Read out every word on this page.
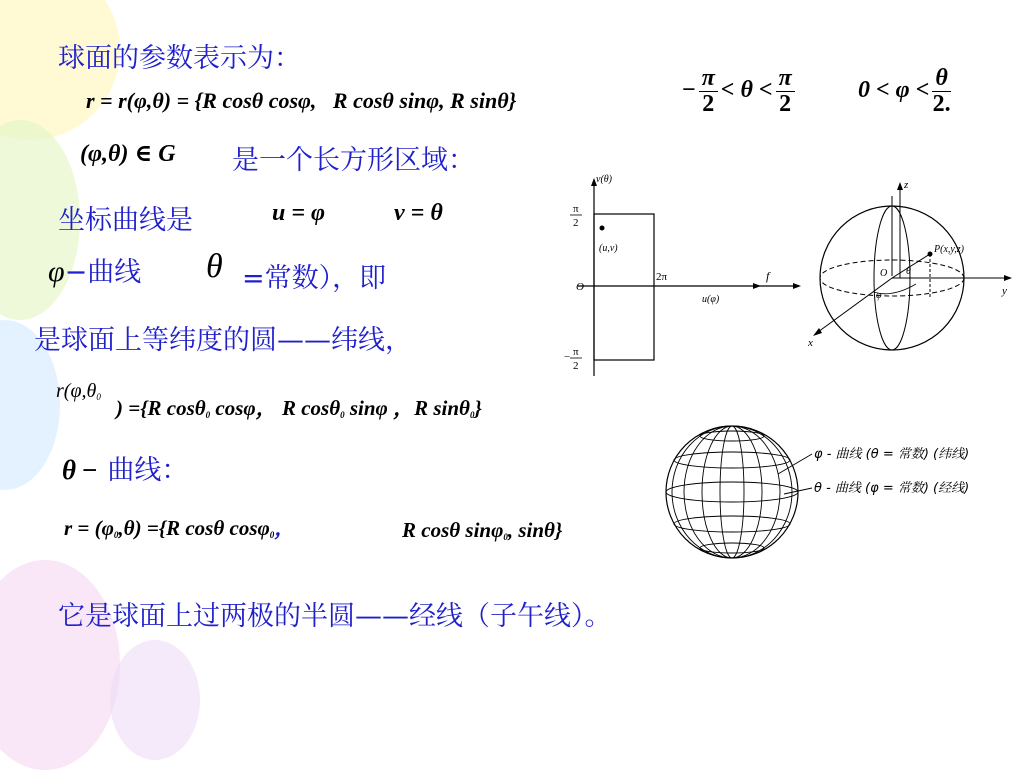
球面的参数表示为：
r = r(φ,θ) = {R cosθ cosφ, R cosθ sinφ, R sinθ}	− $\frac{\pi}{2} < \theta < \frac{\pi}{2}$	$0 < \varphi < \frac{\theta}{2.}$
(φ,θ) ∈ G 是一个长方形区域：
坐标曲线是	u = φ	v = θ
φ−曲线 θ =常数），即
是球面上等纬度的圆——纬线，
$r(\varphi,\theta_0$ ) ={R cosθ$_0$ cosφ， R cosθ$_0$ sinφ ，R sinθ$_0$}
θ − 曲线：
$r = (\varphi_0,\theta) =\{R$ cosθ cosφ$_0$，	R cosθ sinφ$_0$, sinθ}
它是球面上过两极的半圆——经线（子午线）。
v(θ)
π
2
(u,v)
2π
O
u(φ)
− π
2
f
z
P(x,y,z)
O θ
φ	y
x
φ - 曲线 (θ = 常数) (纬线)
θ - 曲线 (φ = 常数) (经线)
